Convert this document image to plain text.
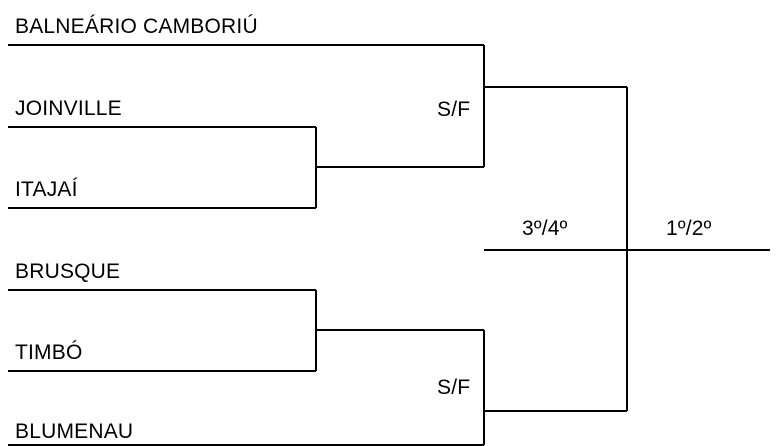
BALNEÁRIO CAMBORIÚ
JOINVILLE
ITAJAÍ
BRUSQUE
TIMBÓ
BLUMENAU
S/F
S/F
3º/4º	1º/2º
